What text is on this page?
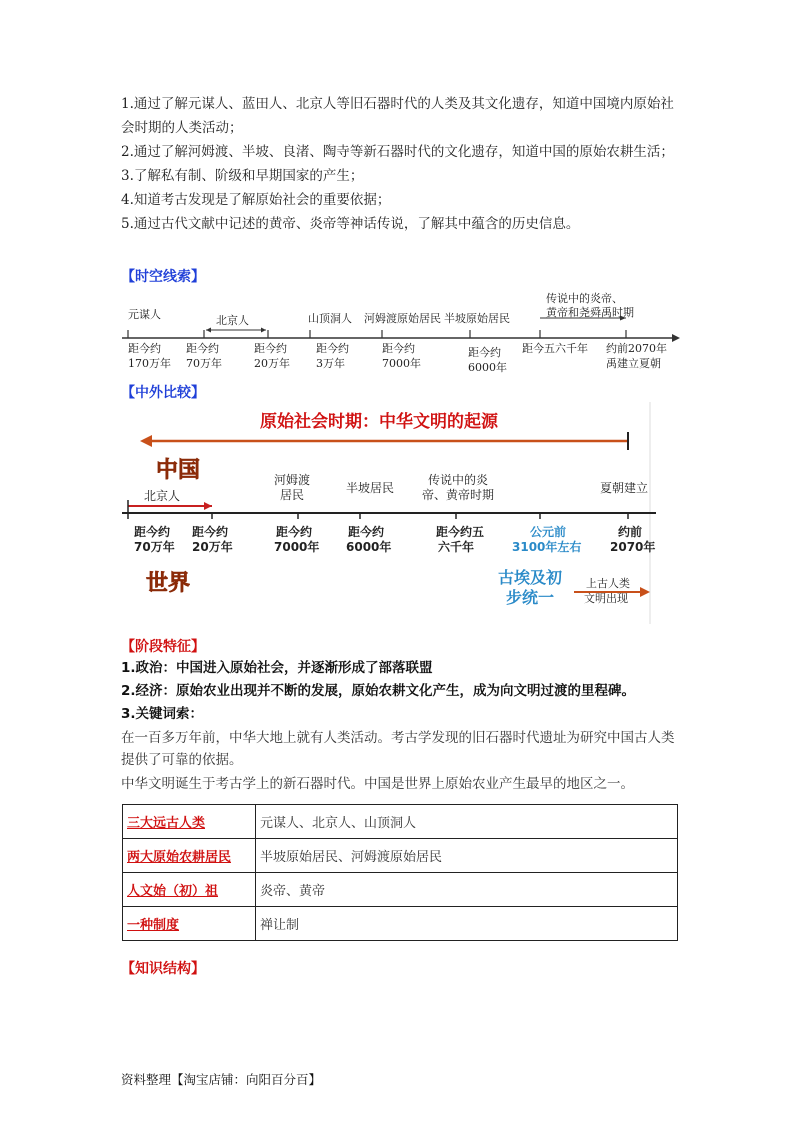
1.通过了解元谋人、蓝田人、北京人等旧石器时代的人类及其文化遗存，知道中国境内原始社会时期的人类活动；

2.通过了解河姆渡、半坡、良渚、陶寺等新石器时代的文化遗存，知道中国的原始农耕生活；

3.了解私有制、阶级和早期国家的产生；

4.知道考古发现是了解原始社会的重要依据；

5.通过古代文献中记述的黄帝、炎帝等神话传说，了解其中蕴含的历史信息。

【时空线索】
元谋人	北京人	山顶洞人 河姆渡原始居民 半坡原始居民
传说中的炎帝、
黄帝和尧舜禹时期
距今约
170万年
距今约
70万年
距今约
20万年
距今约
3万年
距今约
7000年
距今约
6000年
距今五六千年 约前2070年
禹建立夏朝
【中外比较】
原始社会时期：中华文明的起源
中国	河姆渡
居民	半坡居民
传说中的炎
帝、黄帝时期	夏朝建立
北京人
距今约
70万年
距今约
20万年
距今约
7000年
距今约
6000年
距今约五
六千年
公元前
3100年左右
约前
2070年
世界	古埃及初
步统一
上古人类
文明出现
【阶段特征】

1.政治：中国进入原始社会，并逐渐形成了部落联盟

2.经济：原始农业出现并不断的发展，原始农耕文化产生，成为向文明过渡的里程碑。

3.关键词索：

在一百多万年前，中华大地上就有人类活动。考古学发现的旧石器时代遗址为研究中国古人类提供了可靠的依据。

中华文明诞生于考古学上的新石器时代。中国是世界上原始农业产生最早的地区之一。

三大远古人类	元谋人、北京人、山顶洞人
两大原始农耕居民	半坡原始居民、河姆渡原始居民
人文始（初）祖	炎帝、黄帝
一种制度	禅让制
【知识结构】
资料整理【淘宝店铺：向阳百分百】
